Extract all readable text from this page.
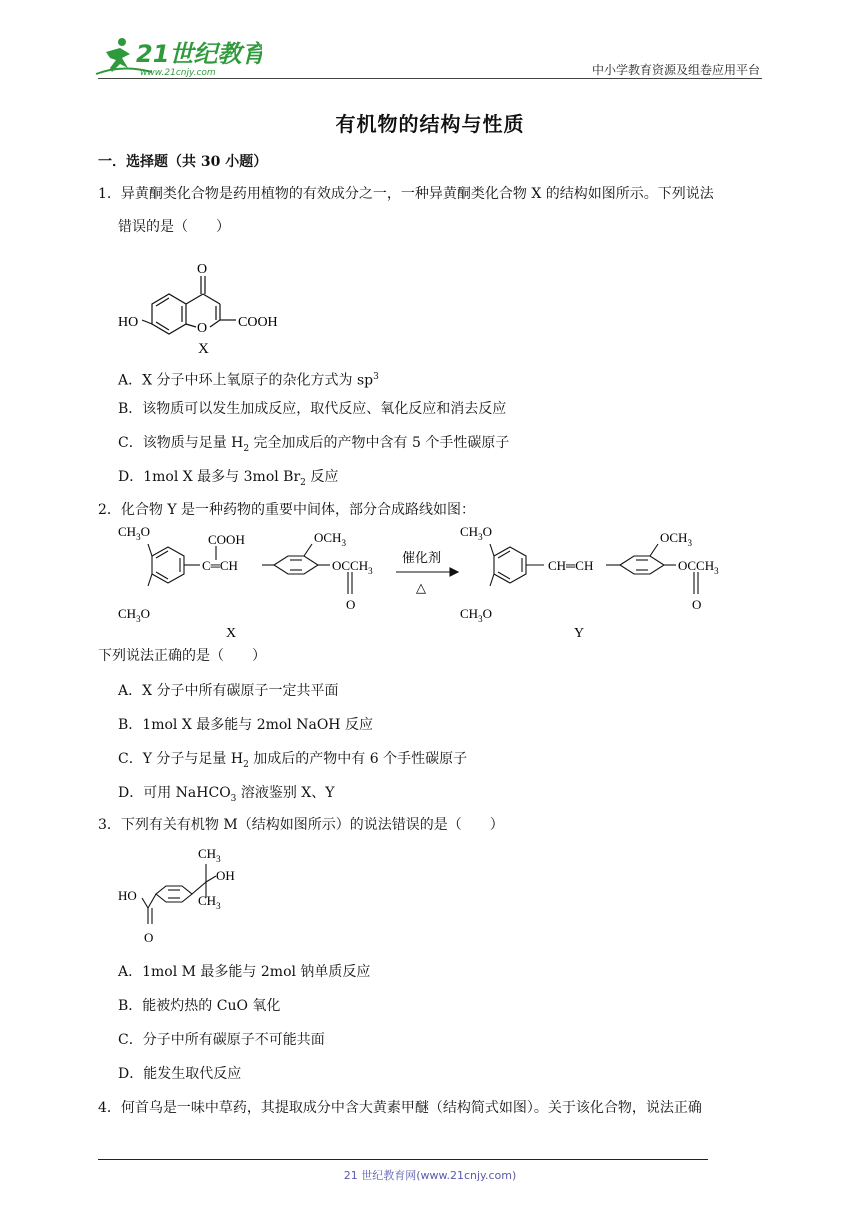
21世纪教育
www.21cnjy.com	中小学教育资源及组卷应用平台
有机物的结构与性质
一．选择题（共 30 小题）
1．异黄酮类化合物是药用植物的有效成分之一，一种异黄酮类化合物 X 的结构如图所示。下列说法
错误的是（　　）
O
HO	O COOH
X
A．X 分子中环上氧原子的杂化方式为 $sp^3$
B．该物质可以发生加成反应，取代反应、氧化反应和消去反应
C．该物质与足量 $H_2$ 完全加成后的产物中含有 5 个手性碳原子
D．1mol X 最多与 3mol $Br_2$ 反应
2．化合物 Y 是一种药物的重要中间体，部分合成路线如图：
$CH_3O$
$CH_3O$
COOH
C═CH
$OCH_3$
$OCCH_3$
O
催化剂
△
$CH_3O$
$CH_3O$
CH═CH
$OCH_3$
$OCCH_3$
O
X	Y
下列说法正确的是（　　）
A．X 分子中所有碳原子一定共平面
B．1mol X 最多能与 2mol NaOH 反应
C．Y 分子与足量 $H_2$ 加成后的产物中有 6 个手性碳原子
D．可用 NaHCO$_3$ 溶液鉴别 X、Y
3．下列有关有机物 M（结构如图所示）的说法错误的是（　　）
$CH_3$
OH
$CH_3$
HO
O
A．1mol M 最多能与 2mol 钠单质反应
B．能被灼热的 CuO 氧化
C．分子中所有碳原子不可能共面
D．能发生取代反应
4．何首乌是一味中草药，其提取成分中含大黄素甲醚（结构简式如图）。关于该化合物，说法正确
21 世纪教育网(www.21cnjy.com)
